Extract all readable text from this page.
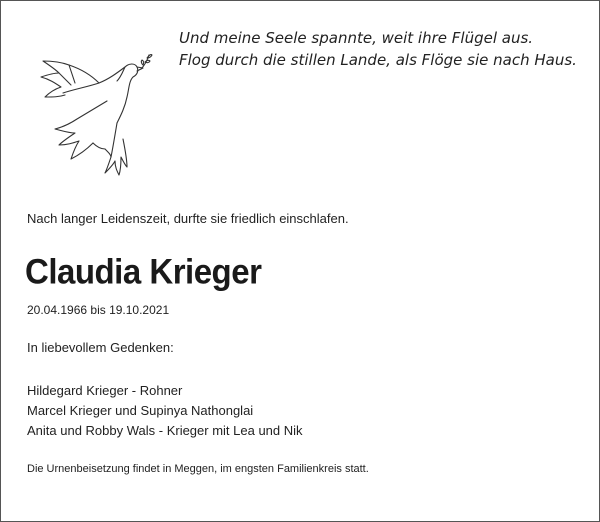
Und meine Seele spannte, weit ihre Flügel aus.
Flog durch die stillen Lande, als Flöge sie nach Haus.
Nach langer Leidenszeit, durfte sie friedlich einschlafen.
Claudia Krieger
20.04.1966 bis 19.10.2021
In liebevollem Gedenken:
Hildegard Krieger - Rohner
Marcel Krieger und Supinya Nathonglai
Anita und Robby Wals - Krieger mit Lea und Nik
Die Urnenbeisetzung findet in Meggen, im engsten Familienkreis statt.
